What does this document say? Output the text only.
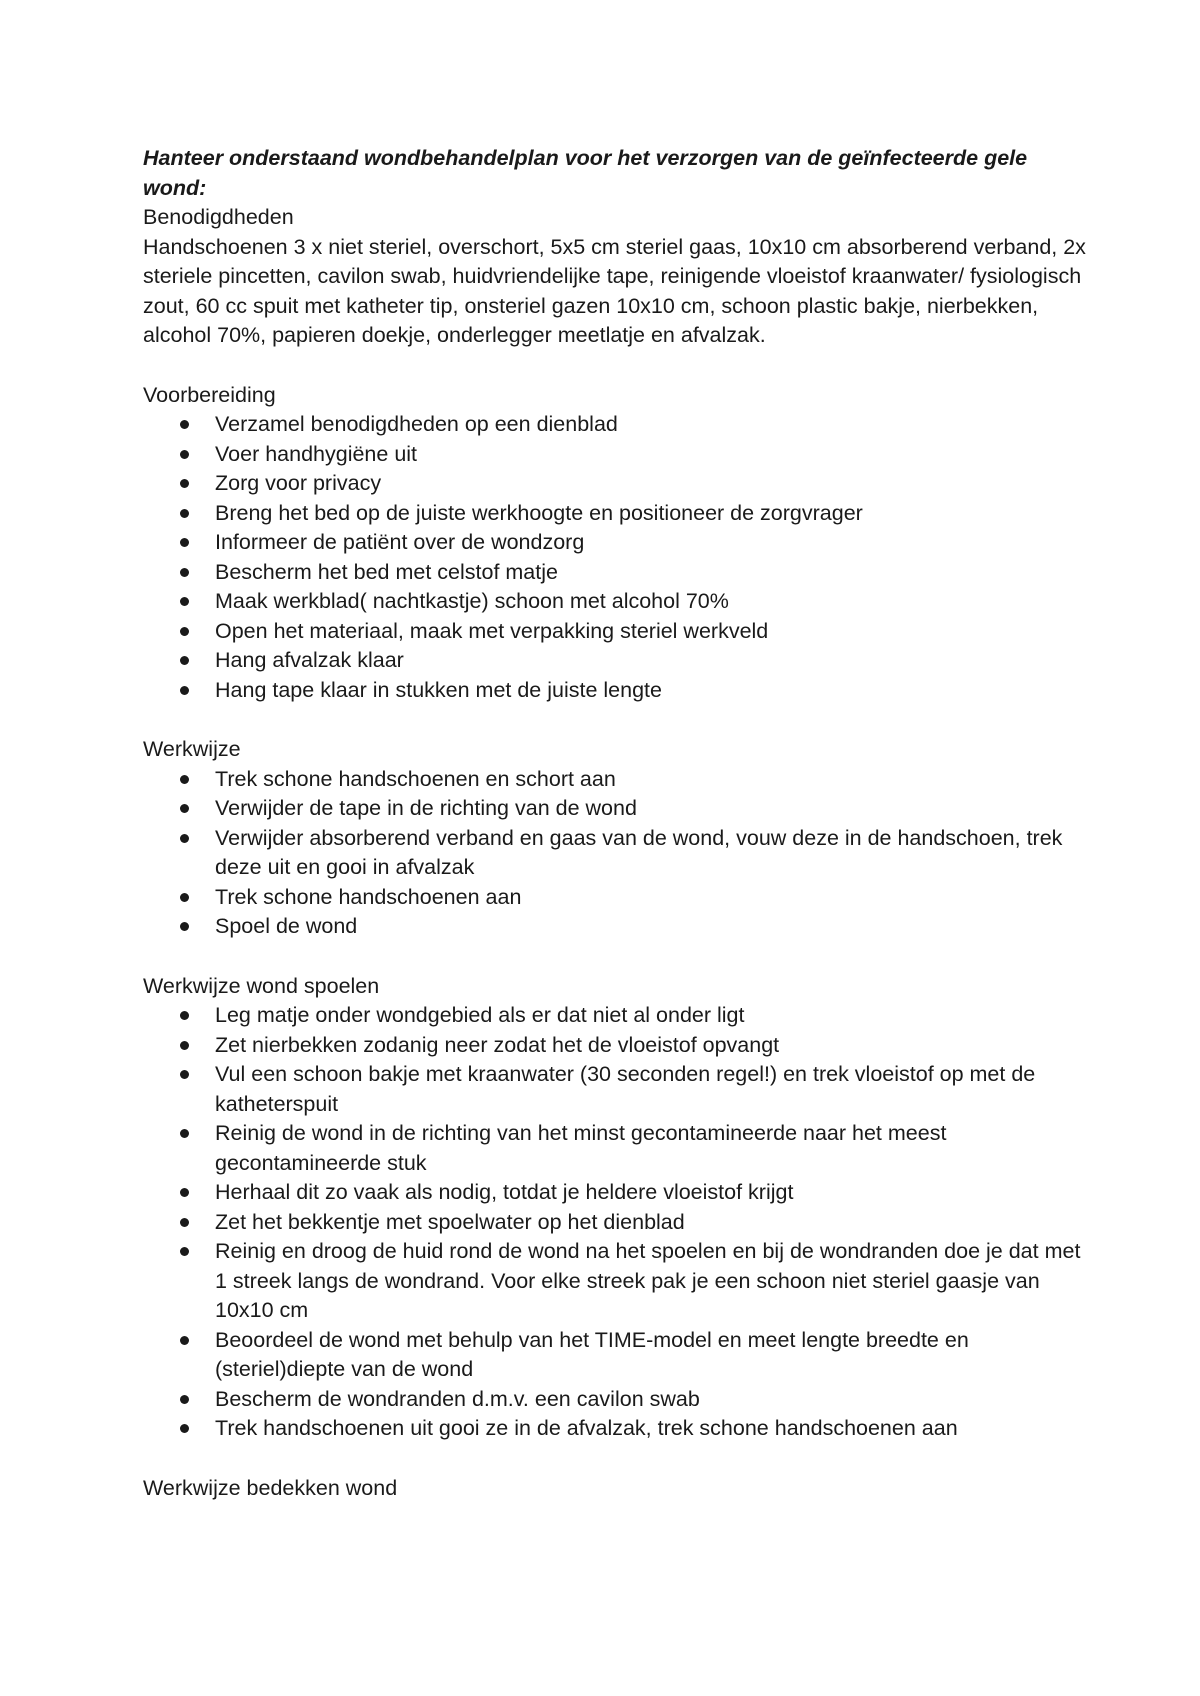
Hanteer onderstaand wondbehandelplan voor het verzorgen van de geïnfecteerde gele wond:

Benodigdheden

Handschoenen 3 x niet steriel, overschort, 5x5 cm steriel gaas, 10x10 cm absorberend verband, 2x steriele pincetten, cavilon swab, huidvriendelijke tape, reinigende vloeistof kraanwater/ fysiologisch zout, 60 cc spuit met katheter tip, onsteriel gazen 10x10 cm, schoon plastic bakje, nierbekken, alcohol 70%, papieren doekje, onderlegger meetlatje en afvalzak.

Voorbereiding

Verzamel benodigdheden op een dienblad
Voer handhygiëne uit
Zorg voor privacy
Breng het bed op de juiste werkhoogte en positioneer de zorgvrager
Informeer de patiënt over de wondzorg
Bescherm het bed met celstof matje
Maak werkblad( nachtkastje) schoon met alcohol 70%
Open het materiaal, maak met verpakking steriel werkveld
Hang afvalzak klaar
Hang tape klaar in stukken met de juiste lengte

Werkwijze

Trek schone handschoenen en schort aan
Verwijder de tape in de richting van de wond
Verwijder absorberend verband en gaas van de wond, vouw deze in de handschoen, trek deze uit en gooi in afvalzak
Trek schone handschoenen aan
Spoel de wond

Werkwijze wond spoelen

Leg matje onder wondgebied als er dat niet al onder ligt
Zet nierbekken zodanig neer zodat het de vloeistof opvangt
Vul een schoon bakje met kraanwater (30 seconden regel!) en trek vloeistof op met de katheterspuit
Reinig de wond in de richting van het minst gecontamineerde naar het meest gecontamineerde stuk
Herhaal dit zo vaak als nodig, totdat je heldere vloeistof krijgt
Zet het bekkentje met spoelwater op het dienblad
Reinig en droog de huid rond de wond na het spoelen en bij de wondranden doe je dat met 1 streek langs de wondrand. Voor elke streek pak je een schoon niet steriel gaasje van 10x10 cm
Beoordeel de wond met behulp van het TIME-model en meet lengte breedte en (steriel)diepte van de wond
Bescherm de wondranden d.m.v. een cavilon swab
Trek handschoenen uit gooi ze in de afvalzak, trek schone handschoenen aan

Werkwijze bedekken wond
